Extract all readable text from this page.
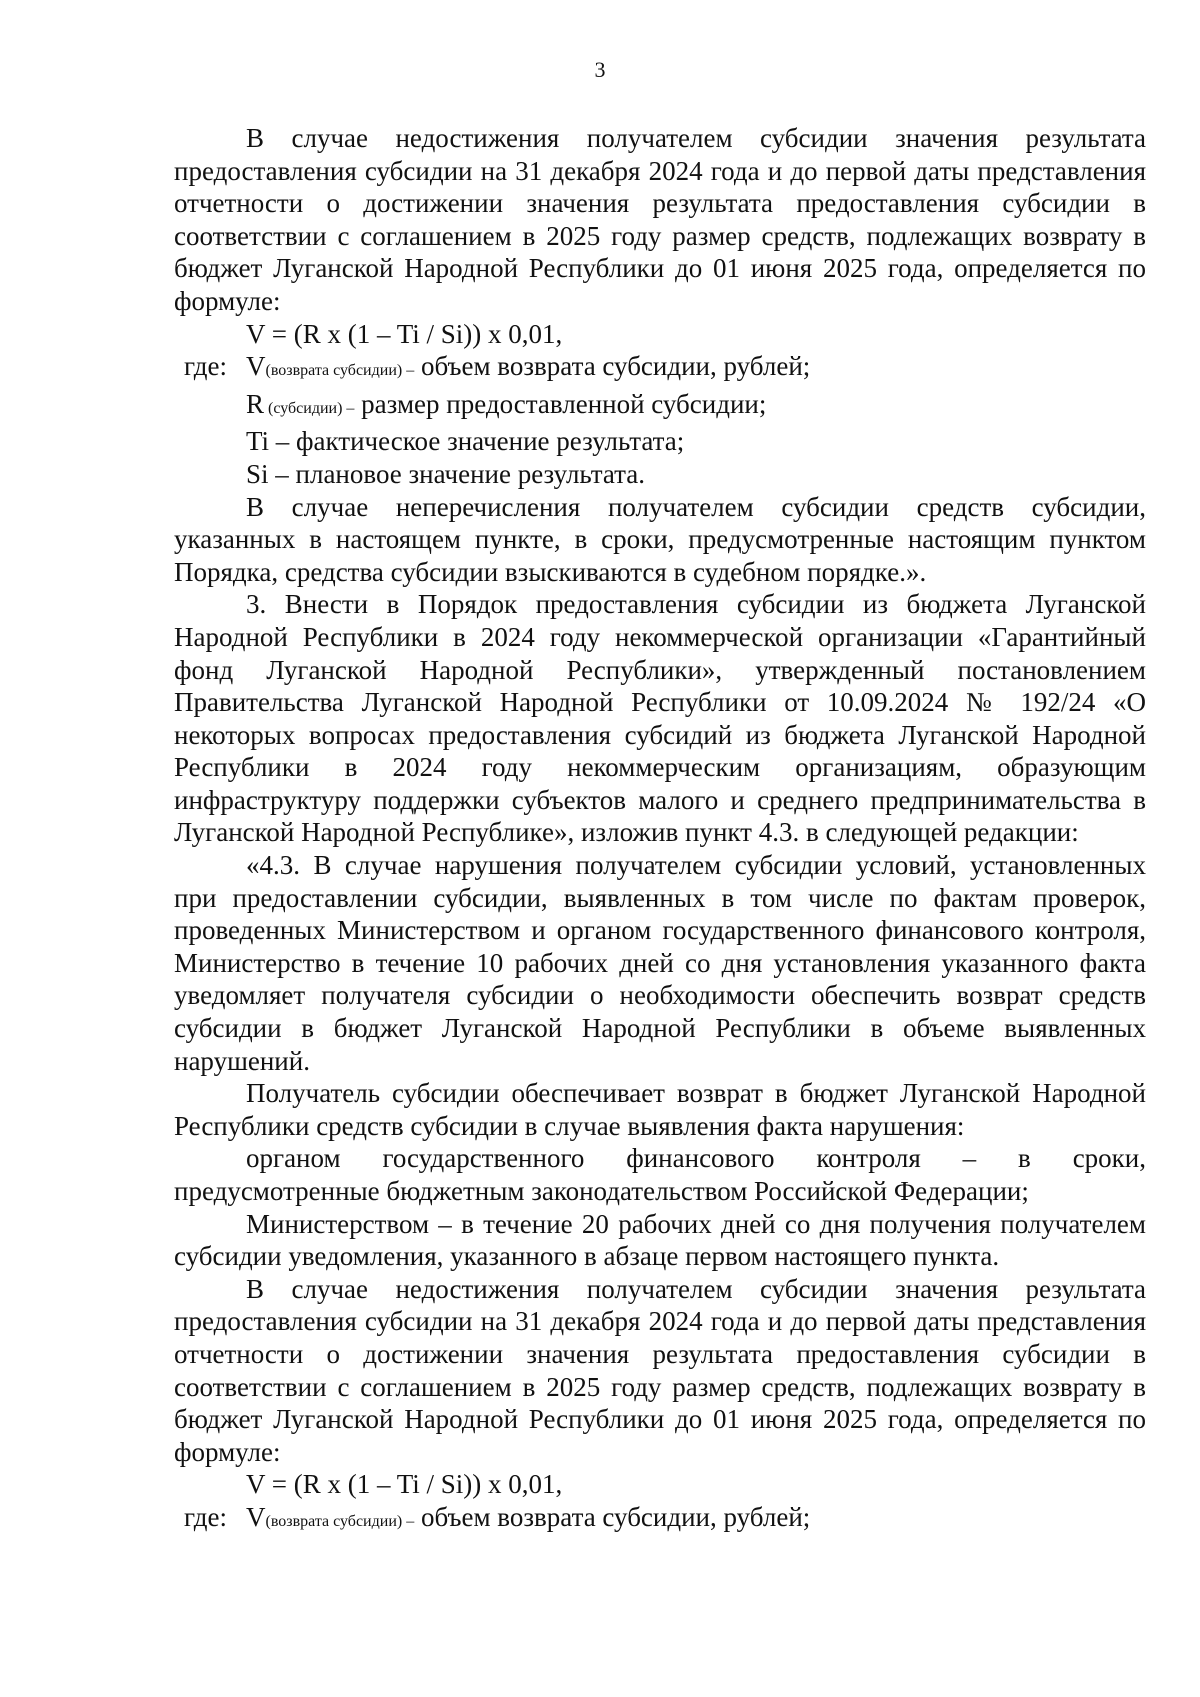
3

В случае недостижения получателем субсидии значения результата предоставления субсидии на 31 декабря 2024 года и до первой даты представления отчетности о достижении значения результата предоставления субсидии в соответствии с соглашением в 2025 году размер средств, подлежащих возврату в бюджет Луганской Народной Республики до 01 июня 2025 года, определяется по формуле:

V = (R x (1 – Ti / Si)) x 0,01,
где: V(возврата субсидии) – объем возврата субсидии, рублей;
R (субсидии) – размер предоставленной субсидии;
Ti – фактическое значение результата;
Si – плановое значение результата.

В случае неперечисления получателем субсидии средств субсидии, указанных в настоящем пункте, в сроки, предусмотренные настоящим пунктом Порядка, средства субсидии взыскиваются в судебном порядке.».

3. Внести в Порядок предоставления субсидии из бюджета Луганской Народной Республики в 2024 году некоммерческой организации «Гарантийный фонд Луганской Народной Республики», утвержденный постановлением Правительства Луганской Народной Республики от 10.09.2024 № 192/24 «О некоторых вопросах предоставления субсидий из бюджета Луганской Народной Республики в 2024 году некоммерческим организациям, образующим инфраструктуру поддержки субъектов малого и среднего предпринимательства в Луганской Народной Республике», изложив пункт 4.3. в следующей редакции:

«4.3. В случае нарушения получателем субсидии условий, установленных при предоставлении субсидии, выявленных в том числе по фактам проверок, проведенных Министерством и органом государственного финансового контроля, Министерство в течение 10 рабочих дней со дня установления указанного факта уведомляет получателя субсидии о необходимости обеспечить возврат средств субсидии в бюджет Луганской Народной Республики в объеме выявленных нарушений.

Получатель субсидии обеспечивает возврат в бюджет Луганской Народной Республики средств субсидии в случае выявления факта нарушения:

органом государственного финансового контроля – в сроки, предусмотренные бюджетным законодательством Российской Федерации;

Министерством – в течение 20 рабочих дней со дня получения получателем субсидии уведомления, указанного в абзаце первом настоящего пункта.

В случае недостижения получателем субсидии значения результата предоставления субсидии на 31 декабря 2024 года и до первой даты представления отчетности о достижении значения результата предоставления субсидии в соответствии с соглашением в 2025 году размер средств, подлежащих возврату в бюджет Луганской Народной Республики до 01 июня 2025 года, определяется по формуле:

V = (R x (1 – Ti / Si)) x 0,01,
где: V(возврата субсидии) – объем возврата субсидии, рублей;
